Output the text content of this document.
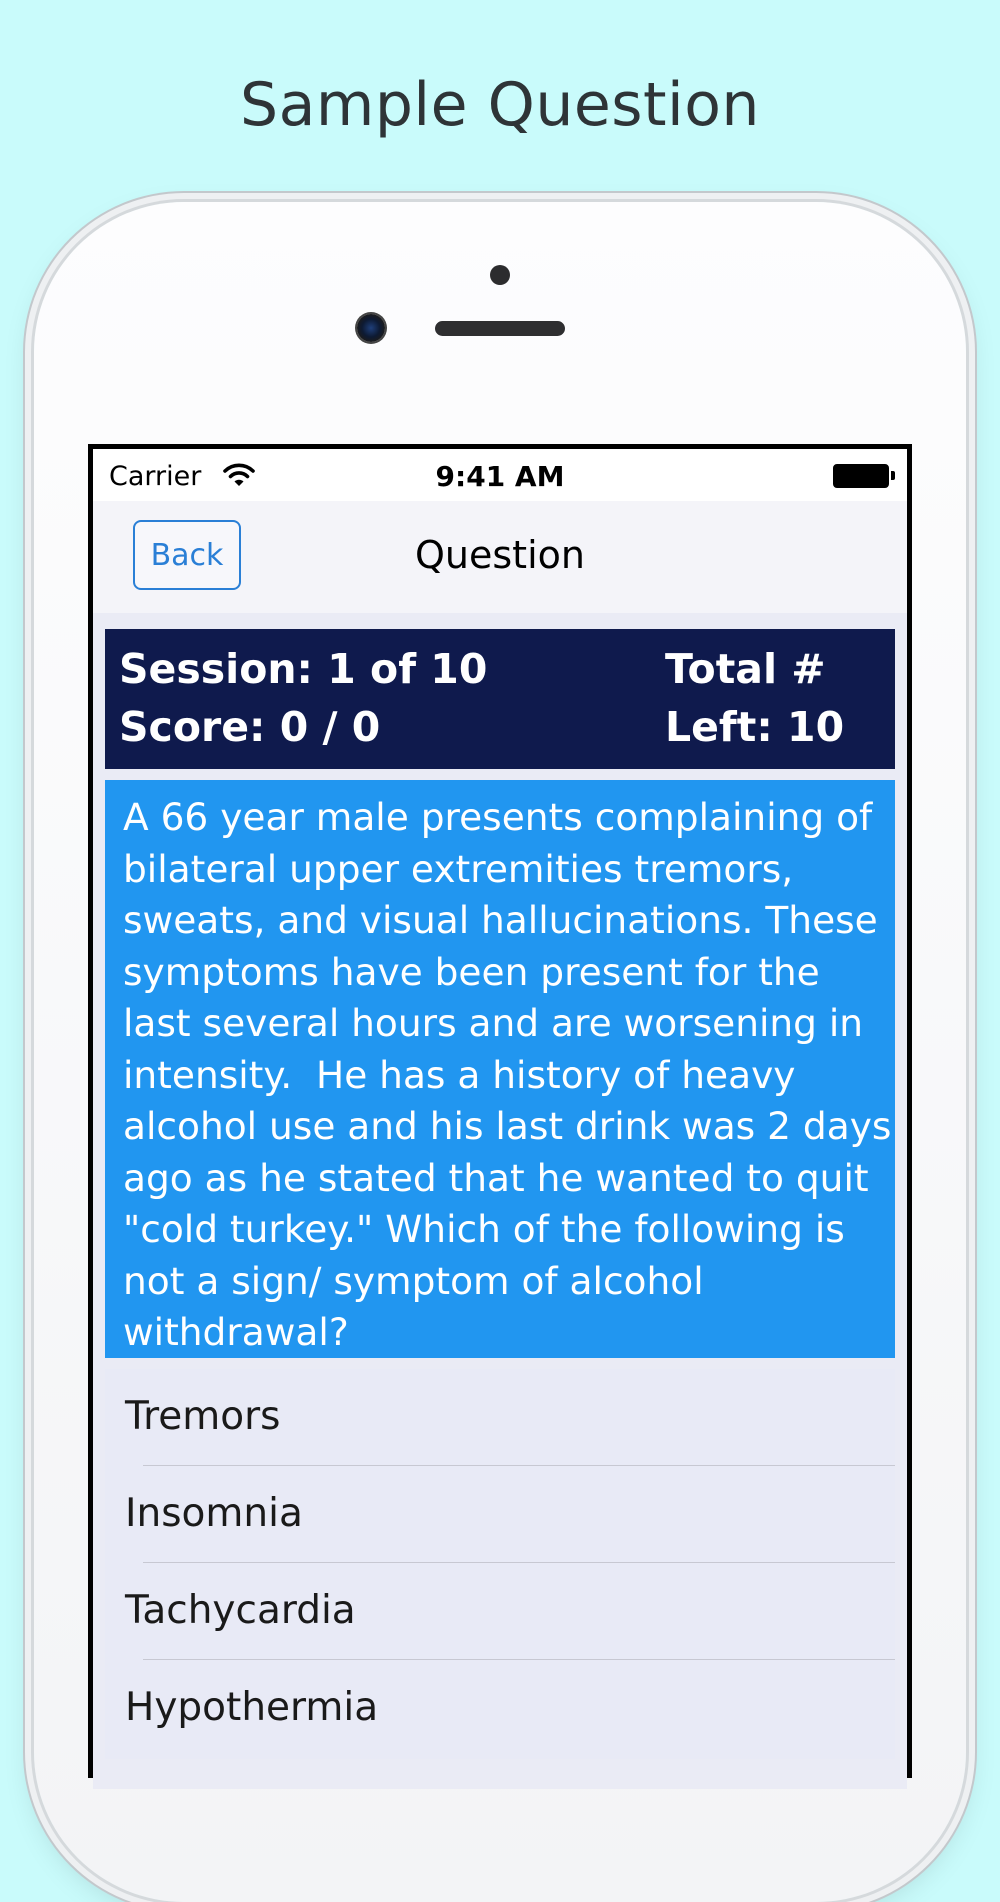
Sample Question
Carrier	9:41 AM
Back	Question
Session: 1 of 10
Score: 0 / 0
Total #
Left: 10
A 66 year male presents complaining of bilateral upper extremities tremors, sweats, and visual hallucinations. These symptoms have been present for the last several hours and are worsening in intensity.  He has a history of heavy alcohol use and his last drink was 2 days ago as he stated that he wanted to quit "cold turkey." Which of the following is not a sign/ symptom of alcohol withdrawal?
Tremors
Insomnia
Tachycardia
Hypothermia
